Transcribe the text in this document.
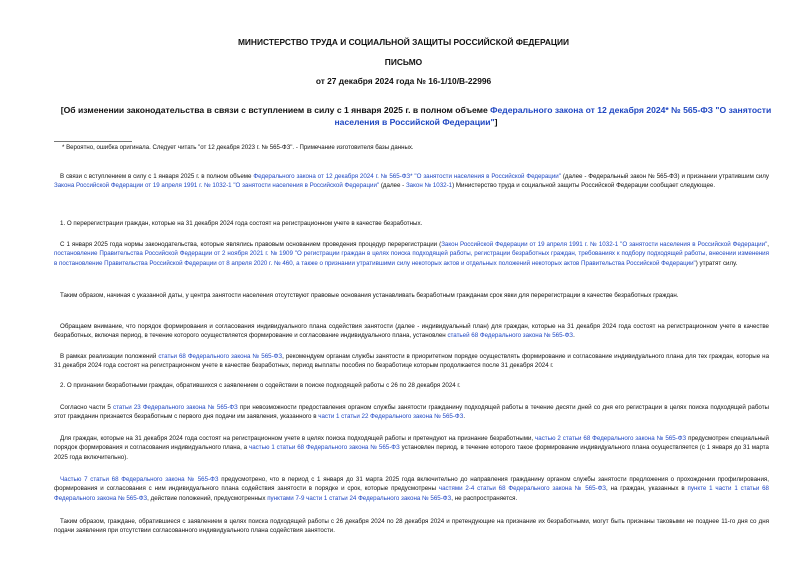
МИНИСТЕРСТВО ТРУДА И СОЦИАЛЬНОЙ ЗАЩИТЫ РОССИЙСКОЙ ФЕДЕРАЦИИ
ПИСЬМО
от 27 декабря 2024 года № 16-1/10/В-22996
[Об изменении законодательства в связи с вступлением в силу с 1 января 2025 г. в полном объеме Федерального закона от 12 декабря 2024* № 565-ФЗ "О занятости населения в Российской Федерации"]
* Вероятно, ошибка оригинала. Следует читать "от 12 декабря 2023 г. № 565-ФЗ". - Примечание изготовителя базы данных.
В связи с вступлением в силу с 1 января 2025 г. в полном объеме Федерального закона от 12 декабря 2024 г. № 565-ФЗ* "О занятости населения в Российской Федерации" (далее - Федеральный закон № 565-ФЗ) и признании утратившим силу Закона Российской Федерации от 19 апреля 1991 г. № 1032-1 "О занятости населения в Российской Федерации" (далее - Закон № 1032-1) Министерство труда и социальной защиты Российской Федерации сообщает следующее.
1. О перерегистрации граждан, которые на 31 декабря 2024 года состоят на регистрационном учете в качестве безработных.
С 1 января 2025 года нормы законодательства, которые являлись правовым основанием проведения процедур перерегистрации (Закон Российской Федерации от 19 апреля 1991 г. № 1032-1 "О занятости населения в Российской Федерации", постановление Правительства Российской Федерации от 2 ноября 2021 г. № 1909 "О регистрации граждан в целях поиска подходящей работы, регистрации безработных граждан, требованиях к подбору подходящей работы, внесении изменения в постановление Правительства Российской Федерации от 8 апреля 2020 г. № 460, а также о признании утратившими силу некоторых актов и отдельных положений некоторых актов Правительства Российской Федерации") утратят силу.
Таким образом, начиная с указанной даты, у центра занятости населения отсутствуют правовые основания устанавливать безработным гражданам срок явки для перерегистрации в качестве безработных граждан.
Обращаем внимание, что порядок формирования и согласования индивидуального плана содействия занятости (далее - индивидуальный план) для граждан, которые на 31 декабря 2024 года состоят на регистрационном учете в качестве безработных, включая период, в течение которого осуществляется формирование и согласование индивидуального плана, установлен статьей 68 Федерального закона № 565-ФЗ.
В рамках реализации положений статьи 68 Федерального закона № 565-ФЗ, рекомендуем органам службы занятости в приоритетном порядке осуществлять формирование и согласование индивидуального плана для тех граждан, которые на 31 декабря 2024 года состоят на регистрационном учете в качестве безработных, период выплаты пособия по безработице которым продолжается после 31 декабря 2024 г.
2. О признании безработными граждан, обратившихся с заявлением о содействии в поиске подходящей работы с 26 по 28 декабря 2024 г.
Согласно части 5 статьи 23 Федерального закона № 565-ФЗ при невозможности предоставления органом службы занятости гражданину подходящей работы в течение десяти дней со дня его регистрации в целях поиска подходящей работы этот гражданин признается безработным с первого дня подачи им заявления, указанного в части 1 статьи 22 Федерального закона № 565-ФЗ.
Для граждан, которые на 31 декабря 2024 года состоят на регистрационном учете в целях поиска подходящей работы и претендуют на признание безработными, частью 2 статьи 68 Федерального закона № 565-ФЗ предусмотрен специальный порядок формирования и согласования индивидуального плана, а частью 1 статьи 68 Федерального закона № 565-ФЗ установлен период, в течение которого такое формирование индивидуального плана осуществляется (с 1 января до 31 марта 2025 года включительно).
Частью 7 статьи 68 Федерального закона № 565-ФЗ предусмотрено, что в период с 1 января до 31 марта 2025 года включительно до направления гражданину органом службы занятости предложения о прохождении профилирования, формирования и согласования с ним индивидуального плана содействия занятости в порядке и срок, которые предусмотрены частями 2-4 статьи 68 Федерального закона № 565-ФЗ, на граждан, указанных в пункте 1 части 1 статьи 68 Федерального закона № 565-ФЗ, действие положений, предусмотренных пунктами 7-9 части 1 статьи 24 Федерального закона № 565-ФЗ, не распространяется.
Таким образом, граждане, обратившиеся с заявлением в целях поиска подходящей работы с 26 декабря 2024 по 28 декабря 2024 и претендующие на признание их безработными, могут быть признаны таковыми не позднее 11-го дня со дня подачи заявления при отсутствии согласованного индивидуального плана содействия занятости.
